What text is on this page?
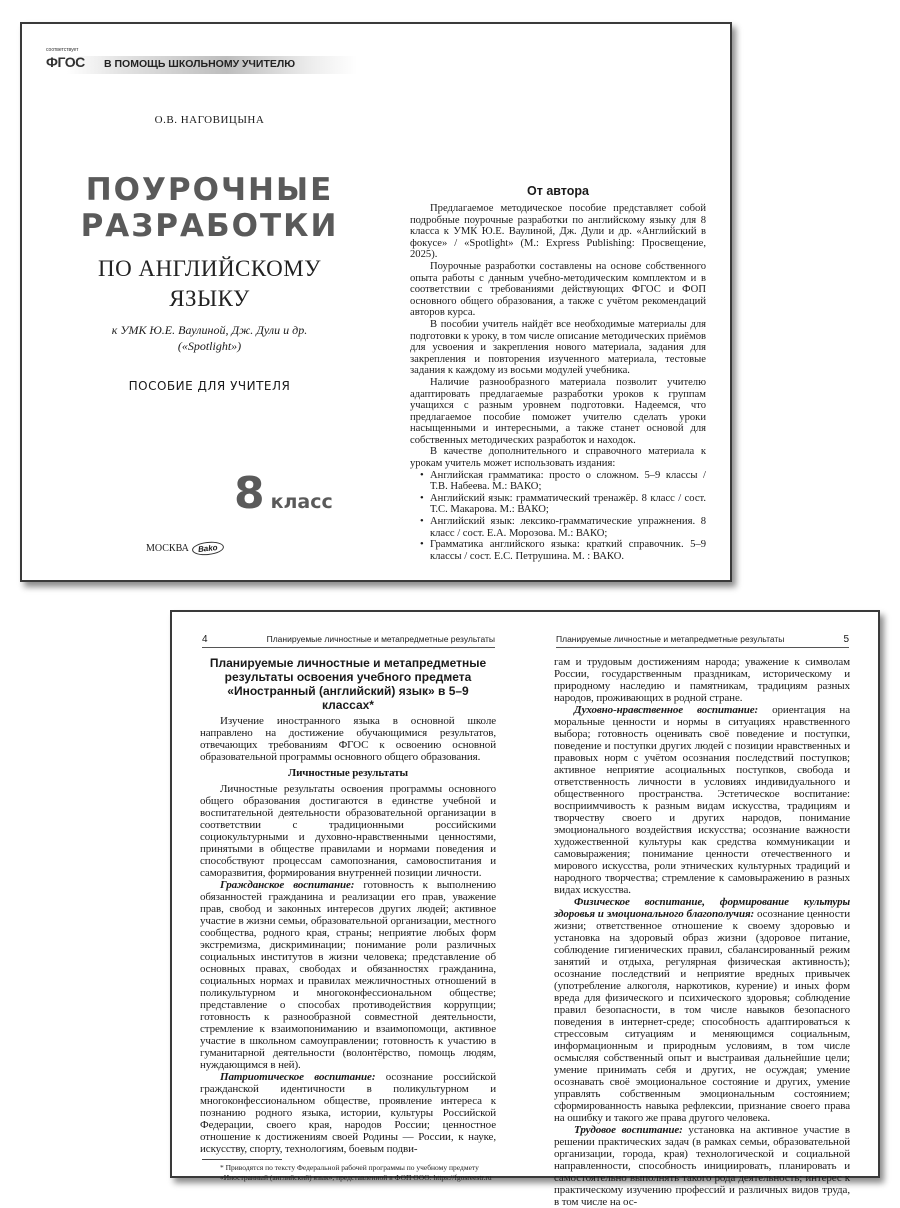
соответствует
ФГОС В ПОМОЩЬ ШКОЛЬНОМУ УЧИТЕЛЮ
О.В. НАГОВИЦЫНА
ПОУРОЧНЫЕ
РАЗРАБОТКИ
ПО АНГЛИЙСКОМУ
ЯЗЫКУ
к УМК Ю.Е. Ваулиной, Дж. Дули и др.
(«Spotlight»)
ПОСОБИЕ ДЛЯ УЧИТЕЛЯ
8 класс
МОСКВА Bako
От автора

Предлагаемое методическое пособие представляет собой подробные поурочные разработки по английскому языку для 8 класса к УМК Ю.Е. Ваулиной, Дж. Дули и др. «Английский в фокусе» / «Spotlight» (М.: Express Publishing: Просвещение, 2025).

Поурочные разработки составлены на основе собственного опыта работы с данным учебно-методическим комплектом и в соответствии с требованиями действующих ФГОС и ФОП основного общего образования, а также с учётом рекомендаций авторов курса.

В пособии учитель найдёт все необходимые материалы для подготовки к уроку, в том числе описание методических приёмов для усвоения и закрепления нового материала, задания для закрепления и повторения изученного материала, тестовые задания к каждому из восьми модулей учебника.

Наличие разнообразного материала позволит учителю адаптировать предлагаемые разработки уроков к группам учащихся с разным уровнем подготовки. Надеемся, что предлагаемое пособие поможет учителю сделать уроки насыщенными и интересными, а также станет основой для собственных методических разработок и находок.

В качестве дополнительного и справочного материала к урокам учитель может использовать издания:

• Английская грамматика: просто о сложном. 5–9 классы / Т.В. Набеева. М.: ВАКО;
• Английский язык: грамматический тренажёр. 8 класс / сост. Т.С. Макарова. М.: ВАКО;
• Английский язык: лексико-грамматические упражнения. 8 класс / сост. Е.А. Морозова. М.: ВАКО;
• Грамматика английского языка: краткий справочник. 5–9 классы / сост. Е.С. Петрушина. М. : ВАКО.
4	Планируемые личностные и метапредметные результаты	Планируемые личностные и метапредметные результаты	5
Планируемые личностные и метапредметные результаты освоения учебного предмета «Иностранный (английский) язык» в 5–9 классах*

Изучение иностранного языка в основной школе направлено на достижение обучающимися результатов, отвечающих требованиям ФГОС к освоению основной образовательной программы основного общего образования.

Личностные результаты

Личностные результаты освоения программы основного общего образования достигаются в единстве учебной и воспитательной деятельности образовательной организации в соответствии с традиционными российскими социокультурными и духовно-нравственными ценностями, принятыми в обществе правилами и нормами поведения и способствуют процессам самопознания, самовоспитания и саморазвития, формирования внутренней позиции личности.

Гражданское воспитание: готовность к выполнению обязанностей гражданина и реализации его прав, уважение прав, свобод и законных интересов других людей; активное участие в жизни семьи, образовательной организации, местного сообщества, родного края, страны; неприятие любых форм экстремизма, дискриминации; понимание роли различных социальных институтов в жизни человека; представление об основных правах, свободах и обязанностях гражданина, социальных нормах и правилах межличностных отношений в поликультурном и многоконфессиональном обществе; представление о способах противодействия коррупции; готовность к разнообразной совместной деятельности, стремление к взаимопониманию и взаимопомощи, активное участие в школьном самоуправлении; готовность к участию в гуманитарной деятельности (волонтёрство, помощь людям, нуждающимся в ней).

Патриотическое воспитание: осознание российской гражданской идентичности в поликультурном и многоконфессиональном обществе, проявление интереса к познанию родного языка, истории, культуры Российской Федерации, своего края, народов России; ценностное отношение к достижениям своей Родины — России, к науке, искусству, спорту, технологиям, боевым подви-

* Приводятся по тексту Федеральной рабочей программы по учебному предмету «Иностранный (английский) язык», представленной в ФОП ООО: https://fgosreestr.ru

гам и трудовым достижениям народа; уважение к символам России, государственным праздникам, историческому и природному наследию и памятникам, традициям разных народов, проживающих в родной стране.

Духовно-нравственное воспитание: ориентация на моральные ценности и нормы в ситуациях нравственного выбора; готовность оценивать своё поведение и поступки, поведение и поступки других людей с позиции нравственных и правовых норм с учётом осознания последствий поступков; активное неприятие асоциальных поступков, свобода и ответственность личности в условиях индивидуального и общественного пространства. Эстетическое воспитание: восприимчивость к разным видам искусства, традициям и творчеству своего и других народов, понимание эмоционального воздействия искусства; осознание важности художественной культуры как средства коммуникации и самовыражения; понимание ценности отечественного и мирового искусства, роли этнических культурных традиций и народного творчества; стремление к самовыражению в разных видах искусства.

Физическое воспитание, формирование культуры здоровья и эмоционального благополучия: осознание ценности жизни; ответственное отношение к своему здоровью и установка на здоровый образ жизни (здоровое питание, соблюдение гигиенических правил, сбалансированный режим занятий и отдыха, регулярная физическая активность); осознание последствий и неприятие вредных привычек (употребление алкоголя, наркотиков, курение) и иных форм вреда для физического и психического здоровья; соблюдение правил безопасности, в том числе навыков безопасного поведения в интернет-среде; способность адаптироваться к стрессовым ситуациям и меняющимся социальным, информационным и природным условиям, в том числе осмысляя собственный опыт и выстраивая дальнейшие цели; умение принимать себя и других, не осуждая; умение осознавать своё эмоциональное состояние и других, умение управлять собственным эмоциональным состоянием; сформированность навыка рефлексии, признание своего права на ошибку и такого же права другого человека.

Трудовое воспитание: установка на активное участие в решении практических задач (в рамках семьи, образовательной организации, города, края) технологической и социальной направленности, способность инициировать, планировать и самостоятельно выполнять такого рода деятельность; интерес к практическому изучению профессий и различных видов труда, в том числе на ос-
